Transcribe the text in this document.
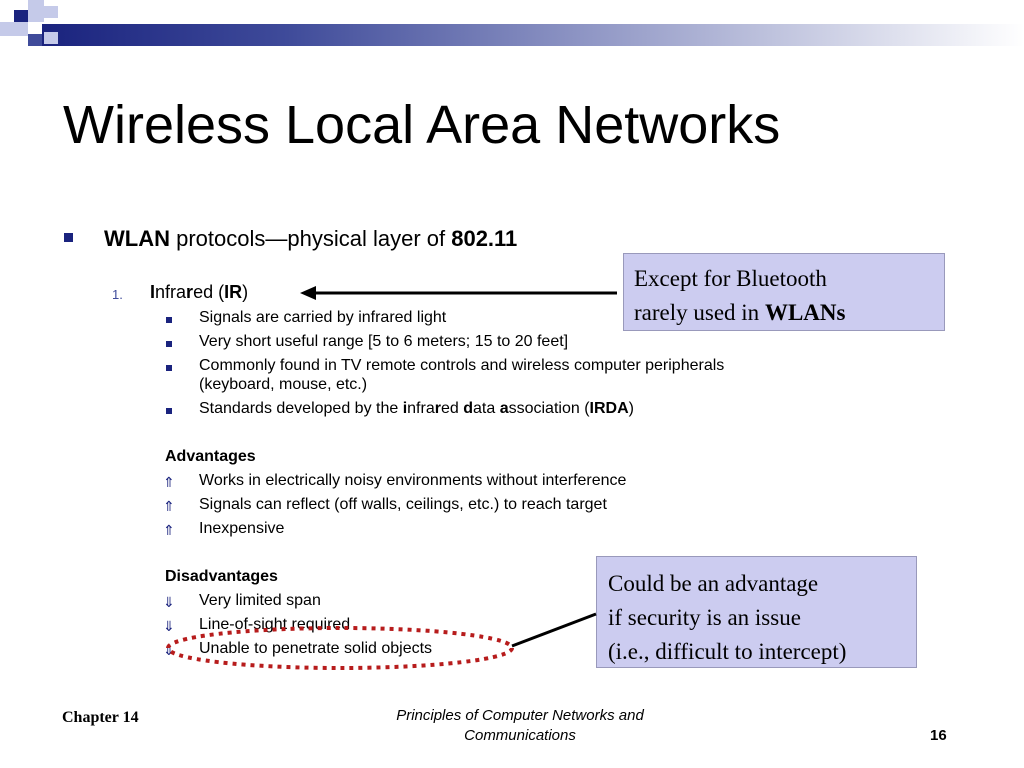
Wireless Local Area Networks
WLAN protocols—physical layer of 802.11
1. Infrared (IR)
Signals are carried by infrared light
Very short useful range [5 to 6 meters; 15 to 20 feet]
Commonly found in TV remote controls and wireless computer peripherals
(keyboard, mouse, etc.)
Standards developed by the infrared data association (IRDA)
Advantages
⇑ Works in electrically noisy environments without interference
⇑ Signals can reflect (off walls, ceilings, etc.) to reach target
⇑ Inexpensive
Disadvantages
⇓ Very limited span
⇓ Line-of-sight required
⇓ Unable to penetrate solid objects
Except for Bluetooth
rarely used in WLANs
Could be an advantage
if security is an issue
(i.e., difficult to intercept)
Chapter 14	Principles of Computer Networks and
Communications	16
